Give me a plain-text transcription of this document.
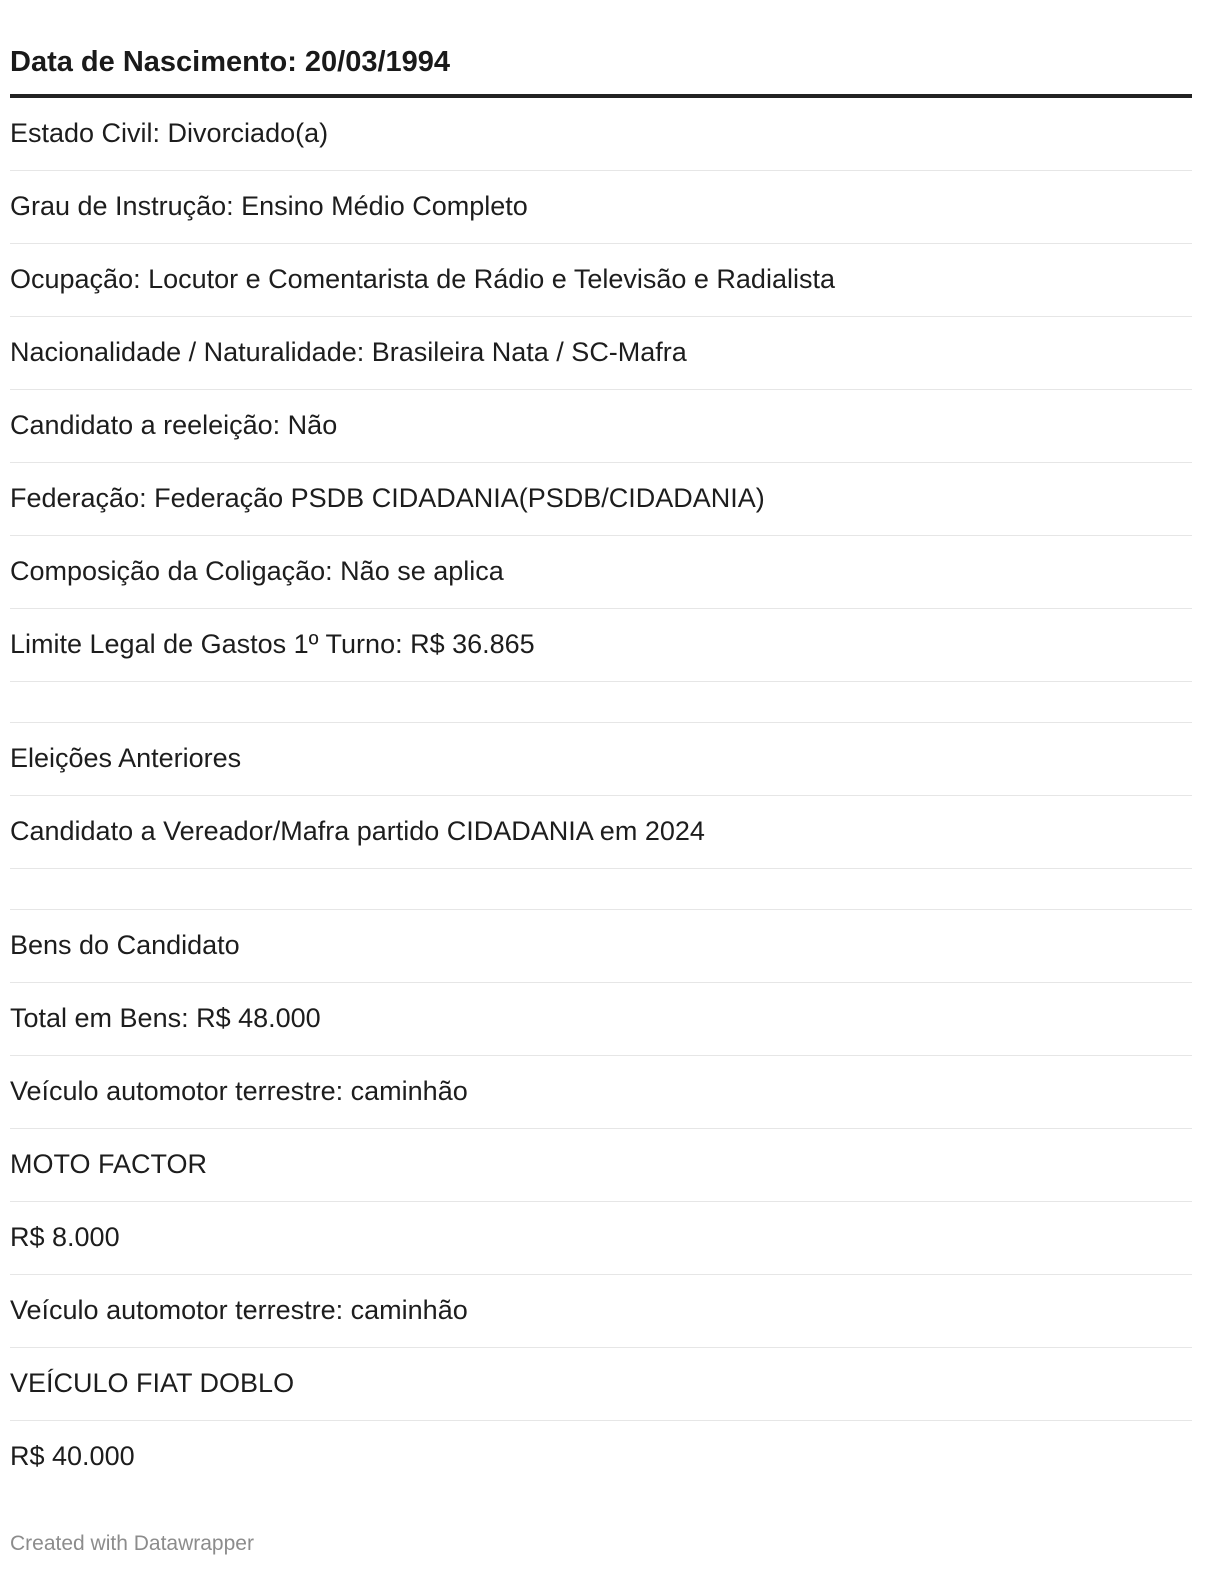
Data de Nascimento: 20/03/1994
Estado Civil: Divorciado(a)
Grau de Instrução: Ensino Médio Completo
Ocupação: Locutor e Comentarista de Rádio e Televisão e Radialista
Nacionalidade / Naturalidade: Brasileira Nata / SC-Mafra
Candidato a reeleição: Não
Federação: Federação PSDB CIDADANIA(PSDB/CIDADANIA)
Composição da Coligação: Não se aplica
Limite Legal de Gastos 1º Turno: R$ 36.865
Eleições Anteriores
Candidato a Vereador/Mafra partido CIDADANIA em 2024
Bens do Candidato
Total em Bens: R$ 48.000
Veículo automotor terrestre: caminhão
MOTO FACTOR
R$ 8.000
Veículo automotor terrestre: caminhão
VEÍCULO FIAT DOBLO
R$ 40.000
Created with Datawrapper
